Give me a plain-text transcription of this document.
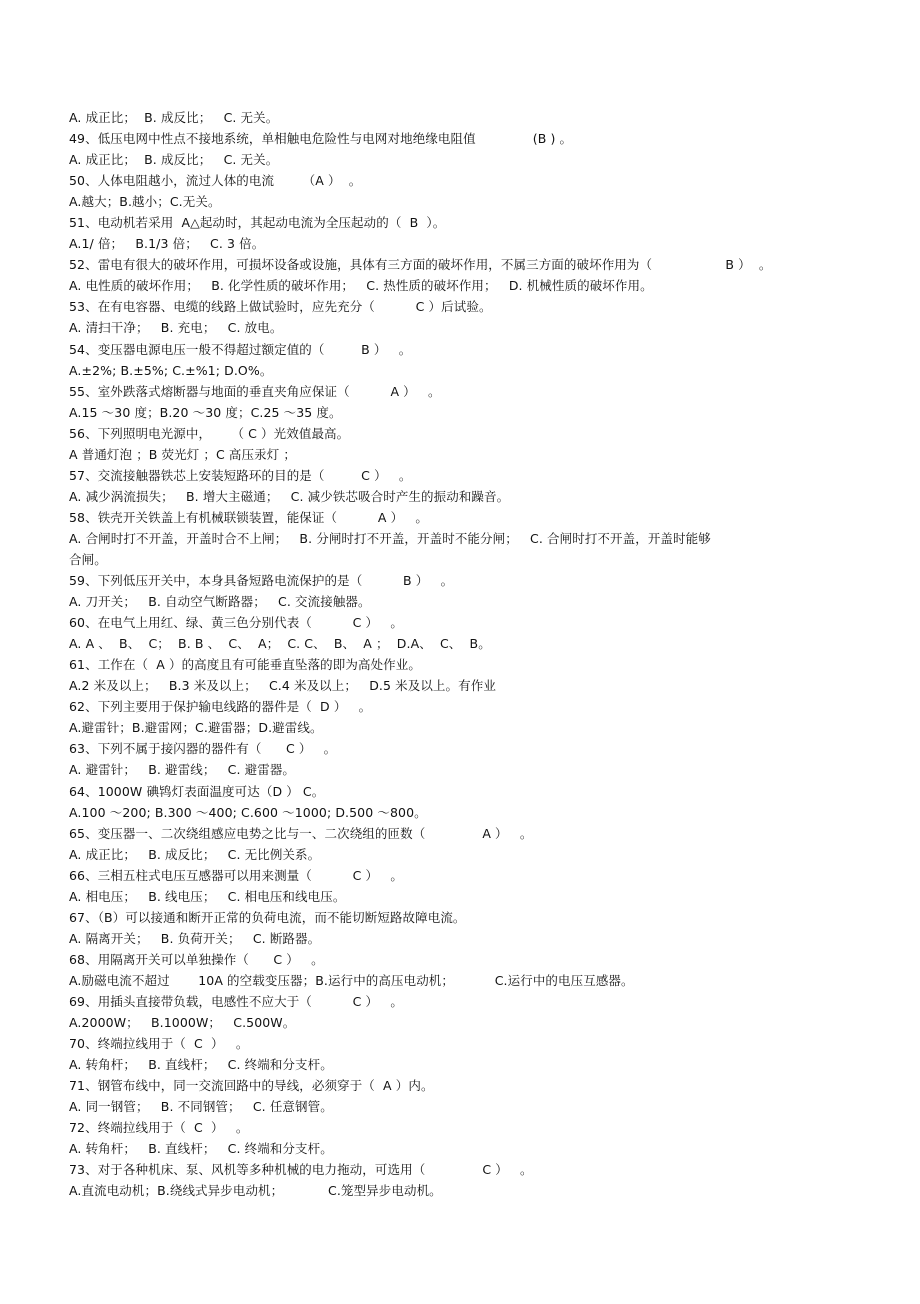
A. 成正比；  B. 成反比；   C. 无关。
49、低压电网中性点不接地系统，单相触电危险性与电网对地绝缘电阻值              (B ) 。
A. 成正比；  B. 成反比；   C. 无关。
50、人体电阻越小，流过人体的电流       （A ）  。
A.越大；B.越小；C.无关。
51、电动机若采用  A△起动时，其起动电流为全压起动的（  B  ）。
A.1/ 倍；   B.1/3 倍；   C. 3 倍。
52、雷电有很大的破坏作用，可损坏设备或设施，具体有三方面的破坏作用，不属三方面的破坏作用为（                  B ）  。
A. 电性质的破坏作用；   B. 化学性质的破坏作用；   C. 热性质的破坏作用；   D. 机械性质的破坏作用。
53、在有电容器、电缆的线路上做试验时，应先充分（          C ）后试验。
A. 清扫干净；   B. 充电；   C. 放电。
54、变压器电源电压一般不得超过额定值的（         B ）   。
A.±2%; B.±5%; C.±%1; D.O%。
55、室外跌落式熔断器与地面的垂直夹角应保证（          A ）   。
A.15 ～30 度；B.20 ～30 度；C.25 ～35 度。
56、下列照明电光源中，     （ C ）光效值最高。
A 普通灯泡 ；B 荧光灯 ；C 高压汞灯 ；
57、交流接触器铁芯上安装短路环的目的是（         C ）   。
A. 减少涡流损失；   B. 增大主磁通；   C. 减少铁芯吸合时产生的振动和躁音。
58、铁壳开关铁盖上有机械联锁装置，能保证（          A ）   。
A. 合闸时打不开盖，开盖时合不上闸；   B. 分闸时打不开盖，开盖时不能分闸；   C. 合闸时打不开盖，开盖时能够
合闸。
59、下列低压开关中，本身具备短路电流保护的是（          B ）   。
A. 刀开关；   B. 自动空气断路器；   C. 交流接触器。
60、在电气上用红、绿、黄三色分别代表（          C ）   。
A. A 、  B、  C；  B. B 、  C、  A；  C. C、  B、  A ；  D.A、  C、  B。
61、工作在（  A ）的高度且有可能垂直坠落的即为高处作业。
A.2 米及以上；   B.3 米及以上；   C.4 米及以上；   D.5 米及以上。有作业
62、下列主要用于保护输电线路的器件是（  D ）   。
A.避雷针；B.避雷网；C.避雷器；D.避雷线。
63、下列不属于接闪器的器件有（      C ）   。
A. 避雷针；   B. 避雷线；   C. 避雷器。
64、1000W 碘鸨灯表面温度可达（D ） C。
A.100 ～200; B.300 ～400; C.600 ～1000; D.500 ～800。
65、变压器一、二次绕组感应电势之比与一、二次绕组的匝数（              A ）   。
A. 成正比；   B. 成反比；   C. 无比例关系。
66、三相五柱式电压互感器可以用来测量（          C ）   。
A. 相电压；   B. 线电压；   C. 相电压和线电压。
67、（B）可以接通和断开正常的负荷电流，而不能切断短路故障电流。
A. 隔离开关；   B. 负荷开关；   C. 断路器。
68、用隔离开关可以单独操作（      C ）   。
A.励磁电流不超过       10A 的空载变压器；B.运行中的高压电动机；          C.运行中的电压互感器。
69、用插头直接带负载，电感性不应大于（          C ）   。
A.2000W；   B.1000W；   C.500W。
70、终端拉线用于（  C  ）   。
A. 转角杆；   B. 直线杆；   C. 终端和分支杆。
71、钢管布线中，同一交流回路中的导线，必须穿于（  A ）内。
A. 同一钢管；   B. 不同钢管；   C. 任意钢管。
72、终端拉线用于（  C  ）   。
A. 转角杆；   B. 直线杆；   C. 终端和分支杆。
73、对于各种机床、泵、风机等多种机械的电力拖动，可选用（              C ）   。
A.直流电动机；B.绕线式异步电动机；           C.笼型异步电动机。
